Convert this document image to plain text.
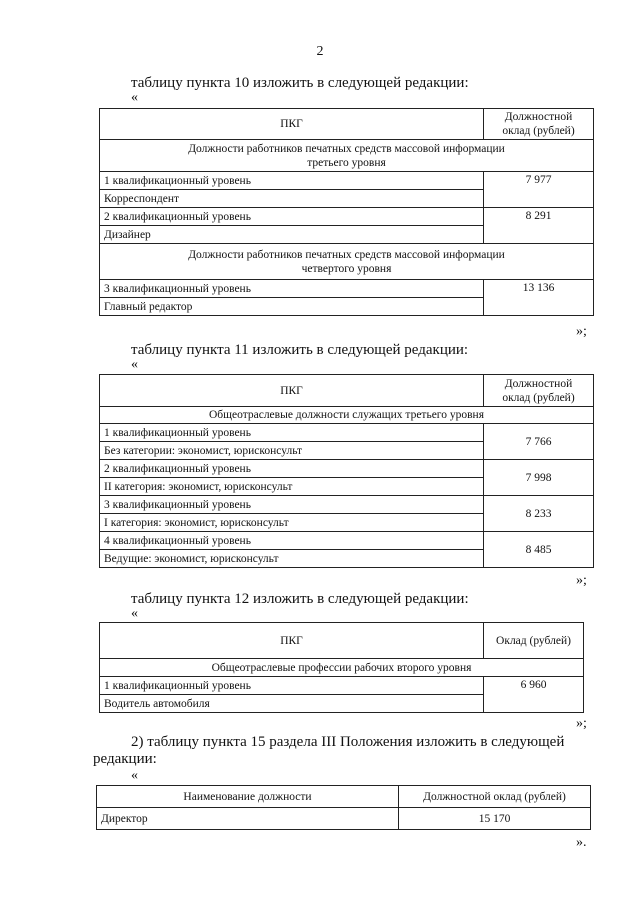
2
таблицу пункта 10 изложить в следующей редакции:
«
ПКГ	Должностной
оклад (рублей)
Должности работников печатных средств массовой информации
третьего уровня	
1 квалификационный уровень	7 977
Корреспондент	
2 квалификационный уровень	8 291
Дизайнер	
Должности работников печатных средств массовой информации
четвертого уровня	
3 квалификационный уровень	13 136
Главный редактор	
»;
таблицу пункта 11 изложить в следующей редакции:
«
ПКГ	Должностной
оклад (рублей)
Общеотраслевые должности служащих третьего уровня	
1 квалификационный уровень	7 766
Без категории: экономист, юрисконсульт	
2 квалификационный уровень	7 998
II категория: экономист, юрисконсульт	
3 квалификационный уровень	8 233
I категория: экономист, юрисконсульт	
4 квалификационный уровень	8 485
Ведущие: экономист, юрисконсульт	
»;
таблицу пункта 12 изложить в следующей редакции:
«
ПКГ	Оклад (рублей)
Общеотраслевые профессии рабочих второго уровня	
1 квалификационный уровень	6 960
Водитель автомобиля	
»;
2) таблицу пункта 15 раздела III Положения изложить в следующей
редакции:
«
Наименование должности	Должностной оклад (рублей)
Директор	15 170
».
